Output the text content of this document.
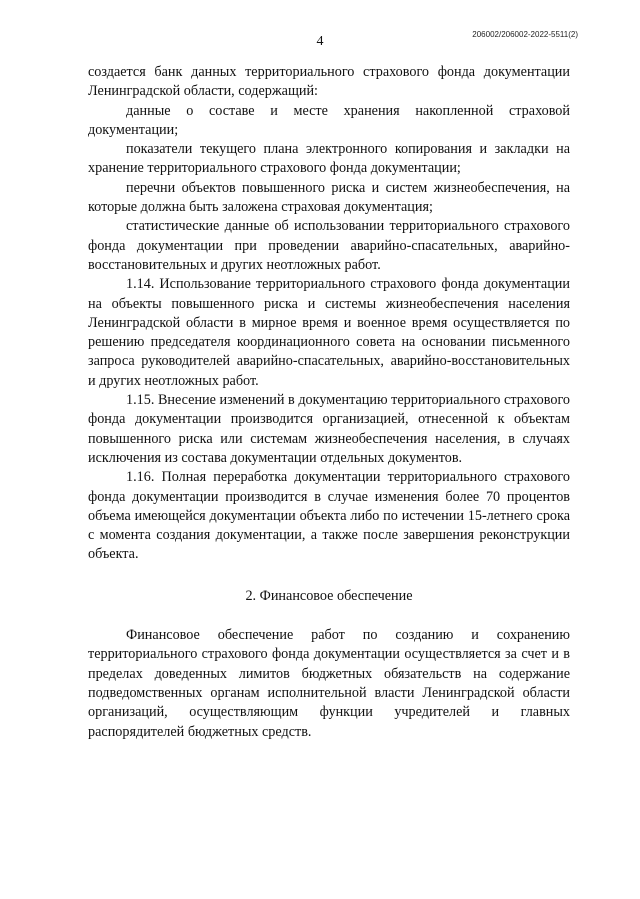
206002/206002-2022-5511(2)
4

создается банк данных территориального страхового фонда документации Ленинградской области, содержащий:

данные о составе и месте хранения накопленной страховой документации;

показатели текущего плана электронного копирования и закладки на хранение территориального страхового фонда документации;

перечни объектов повышенного риска и систем жизнеобеспечения, на которые должна быть заложена страховая документация;

статистические данные об использовании территориального страхового фонда документации при проведении аварийно-спасательных, аварийно-восстановительных и других неотложных работ.

1.14. Использование территориального страхового фонда документации на объекты повышенного риска и системы жизнеобеспечения населения Ленинградской области в мирное время и военное время осуществляется по решению председателя координационного совета на основании письменного запроса руководителей аварийно-спасательных, аварийно-восстановительных и других неотложных работ.

1.15. Внесение изменений в документацию территориального страхового фонда документации производится организацией, отнесенной к объектам повышенного риска или системам жизнеобеспечения населения, в случаях исключения из состава документации отдельных документов.

1.16. Полная переработка документации территориального страхового фонда документации производится в случае изменения более 70 процентов объема имеющейся документации объекта либо по истечении 15-летнего срока с момента создания документации, а также после завершения реконструкции объекта.

2. Финансовое обеспечение

Финансовое обеспечение работ по созданию и сохранению территориального страхового фонда документации осуществляется за счет и в пределах доведенных лимитов бюджетных обязательств на содержание подведомственных органам исполнительной власти Ленинградской области организаций, осуществляющим функции учредителей и главных распорядителей бюджетных средств.
